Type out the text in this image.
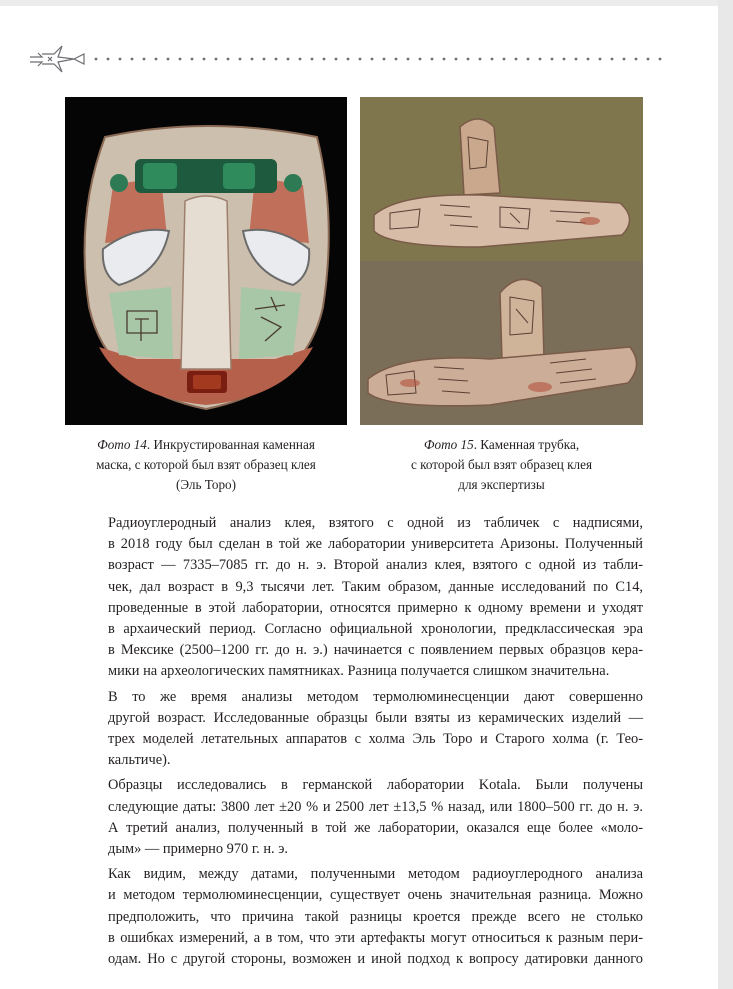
Фото 14. Инкрустированная каменная
маска, с которой был взят образец клея
(Эль Торо)
Фото 15. Каменная трубка,
с которой был взят образец клея
для экспертизы

Радиоуглеродный анализ клея, взятого с одной из табличек с надписями,
в 2018 году был сделан в той же лаборатории университета Аризоны. Полученный
возраст — 7335–7085 гг. до н. э. Второй анализ клея, взятого с одной из табли-
чек, дал возраст в 9,3 тысячи лет. Таким образом, данные исследований по С14,
проведенные в этой лаборатории, относятся примерно к одному времени и уходят
в архаический период. Согласно официальной хронологии, предклассическая эра
в Мексике (2500–1200 гг. до н. э.) начинается с появлением первых образцов кера-
мики на археологических памятниках. Разница получается слишком значительна.

В то же время анализы методом термолюминесценции дают совершенно
другой возраст. Исследованные образцы были взяты из керамических изделий —
трех моделей летательных аппаратов с холма Эль Торо и Старого холма (г. Тео-
кальтиче).

Образцы исследовались в германской лаборатории Kotala. Были получены
следующие даты: 3800 лет ±20 % и 2500 лет ±13,5 % назад, или 1800–500 гг. до н. э.
А третий анализ, полученный в той же лаборатории, оказался еще более «моло-
дым» — примерно 970 г. н. э.

Как видим, между датами, полученными методом радиоуглеродного анализа
и методом термолюминесценции, существует очень значительная разница. Можно
предположить, что причина такой разницы кроется прежде всего не столько
в ошибках измерений, а в том, что эти артефакты могут относиться к разным пери-
одам. Но с другой стороны, возможен и иной подход к вопросу датировки данного
